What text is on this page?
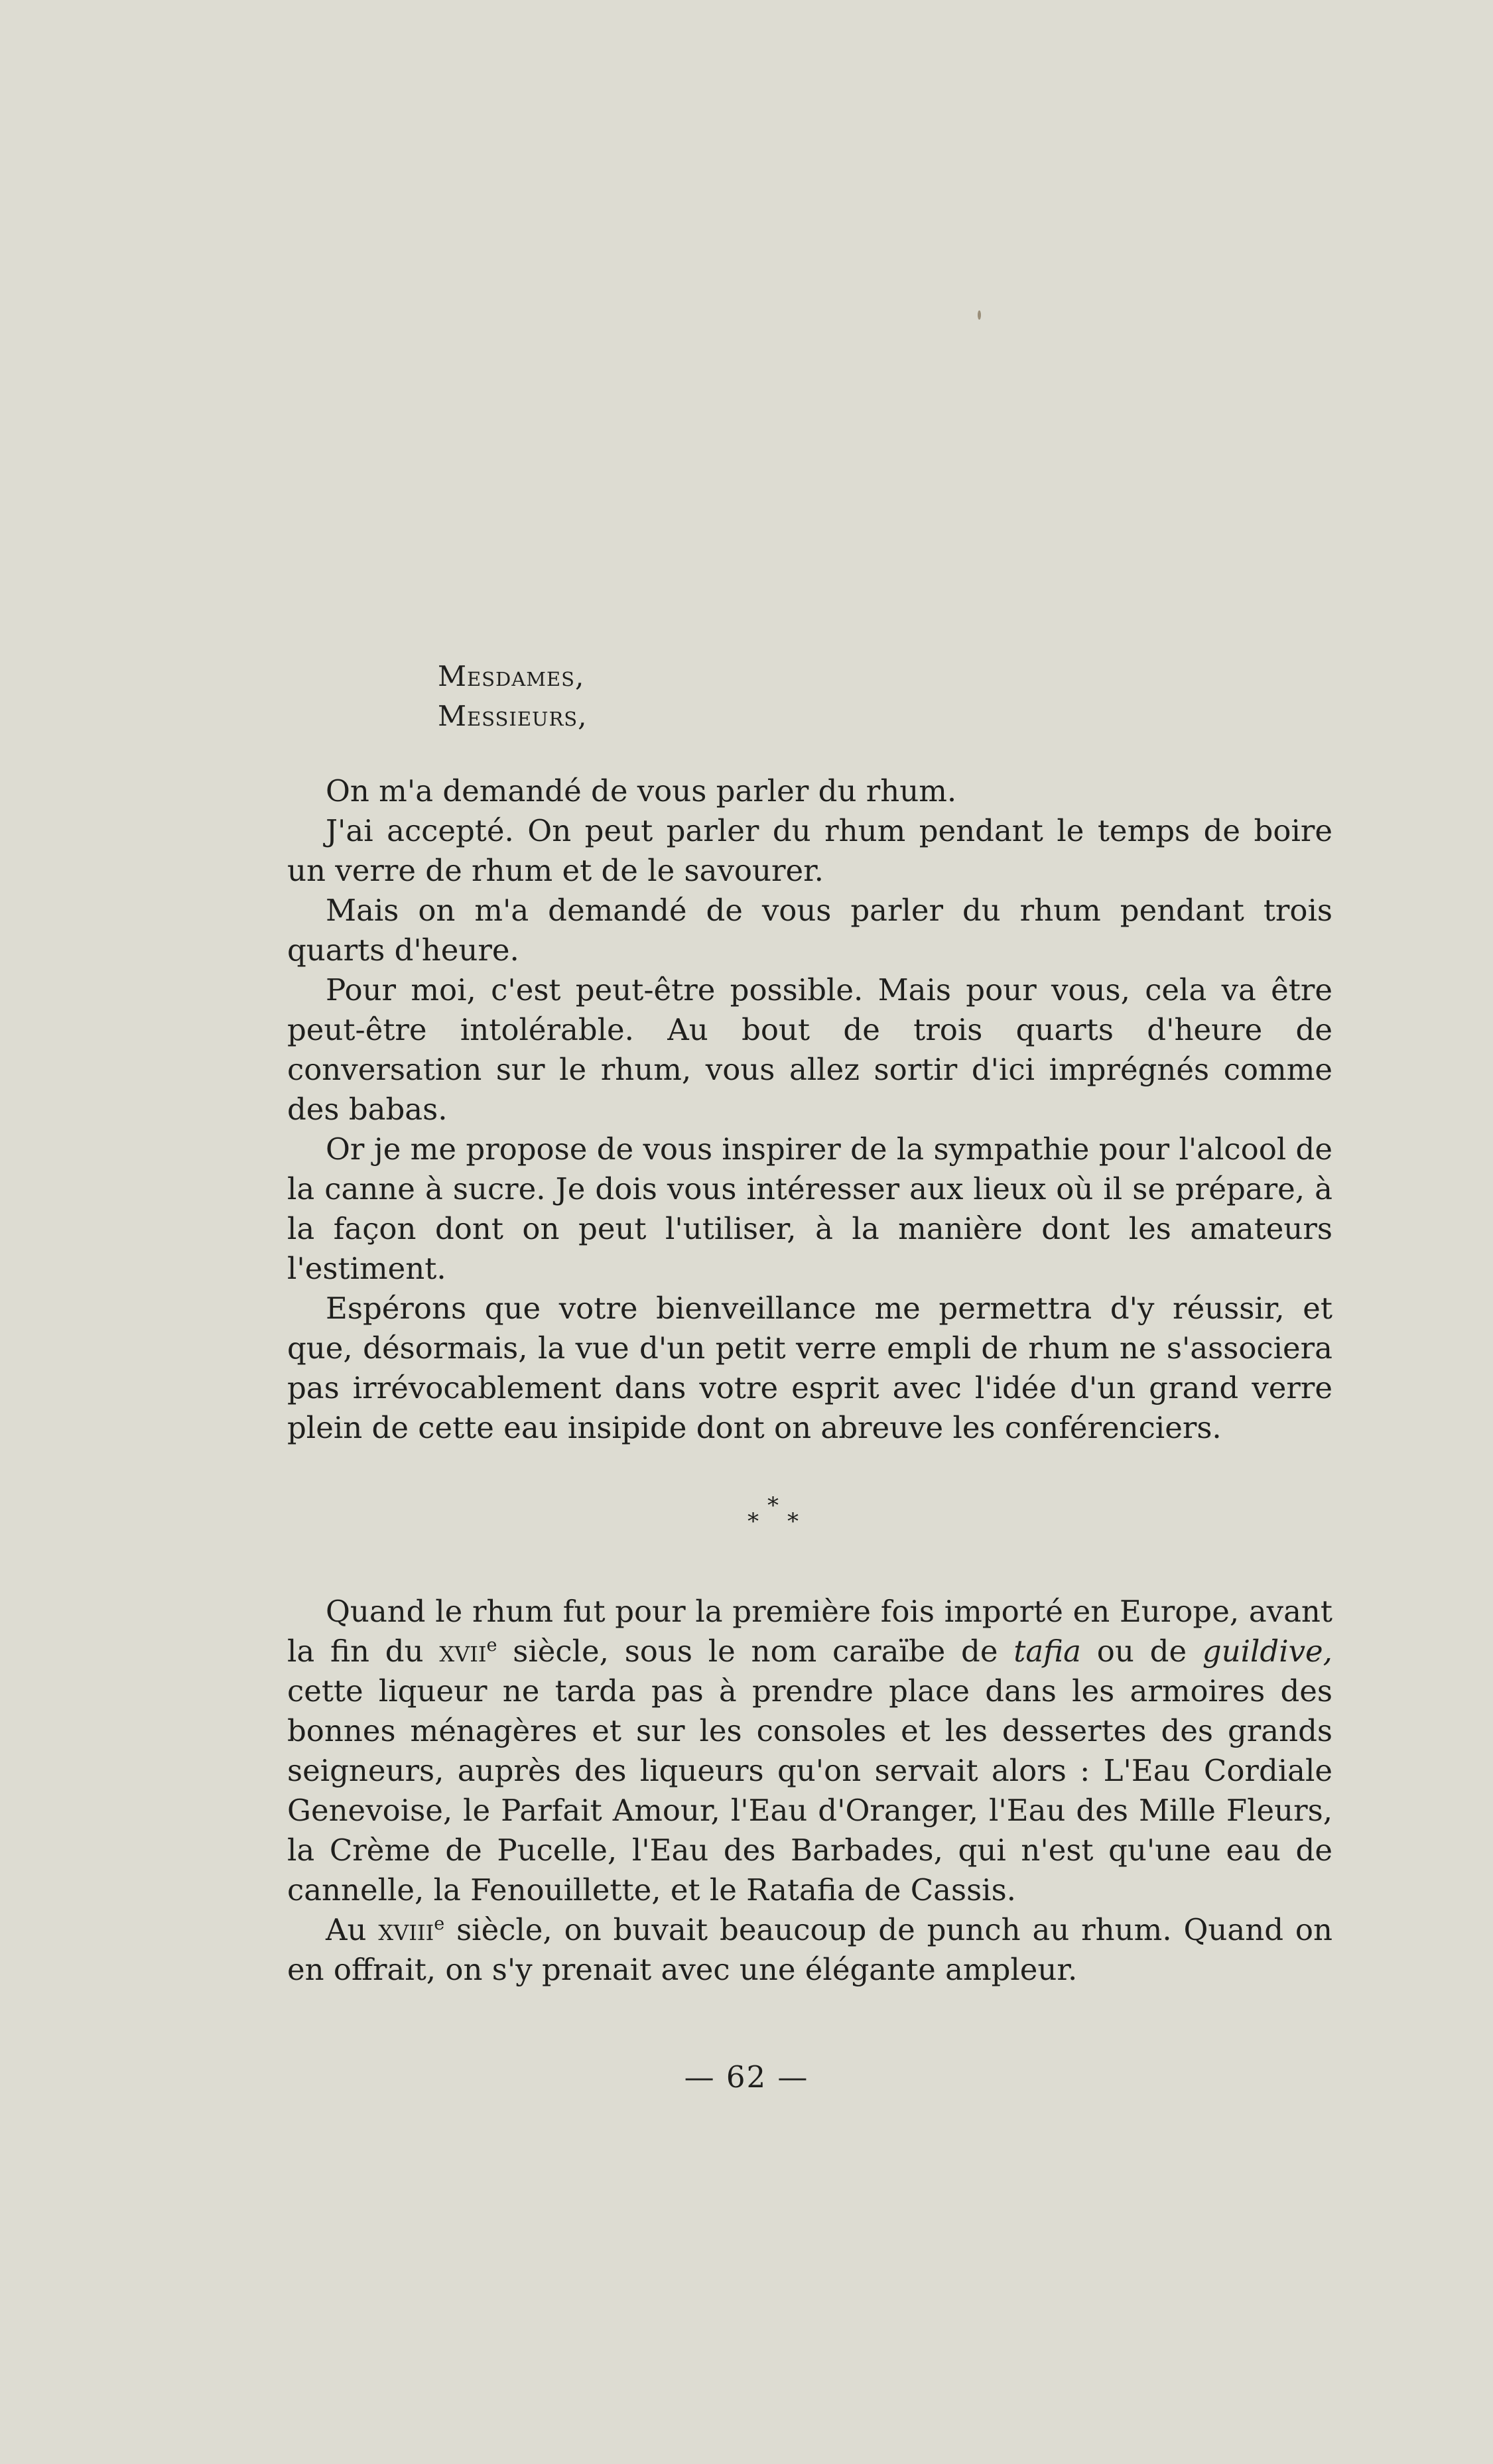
Mesdames,
Messieurs,

On m'a demandé de vous parler du rhum.

J'ai accepté. On peut parler du rhum pendant le temps de boire un verre de rhum et de le savourer.

Mais on m'a demandé de vous parler du rhum pendant trois quarts d'heure.

Pour moi, c'est peut-être possible. Mais pour vous, cela va être peut-être intolérable. Au bout de trois quarts d'heure de conversation sur le rhum, vous allez sortir d'ici imprégnés comme des babas.

Or je me propose de vous inspirer de la sympathie pour l'alcool de la canne à sucre. Je dois vous intéresser aux lieux où il se prépare, à la façon dont on peut l'utiliser, à la manière dont les amateurs l'estiment.

Espérons que votre bienveillance me permettra d'y réussir, et que, désormais, la vue d'un petit verre empli de rhum ne s'associera pas irrévocablement dans votre esprit avec l'idée d'un grand verre plein de cette eau insipide dont on abreuve les conférenciers.

*
* *

Quand le rhum fut pour la première fois importé en Europe, avant la fin du xvii$^e$ siècle, sous le nom caraïbe de tafia ou de guildive, cette liqueur ne tarda pas à prendre place dans les armoires des bonnes ménagères et sur les consoles et les dessertes des grands seigneurs, auprès des liqueurs qu'on servait alors : L'Eau Cordiale Genevoise, le Parfait Amour, l'Eau d'Oranger, l'Eau des Mille Fleurs, la Crème de Pucelle, l'Eau des Barbades, qui n'est qu'une eau de cannelle, la Fenouillette, et le Ratafia de Cassis.

Au xviii$^e$ siècle, on buvait beaucoup de punch au rhum. Quand on en offrait, on s'y prenait avec une élégante ampleur.

— 62 —
